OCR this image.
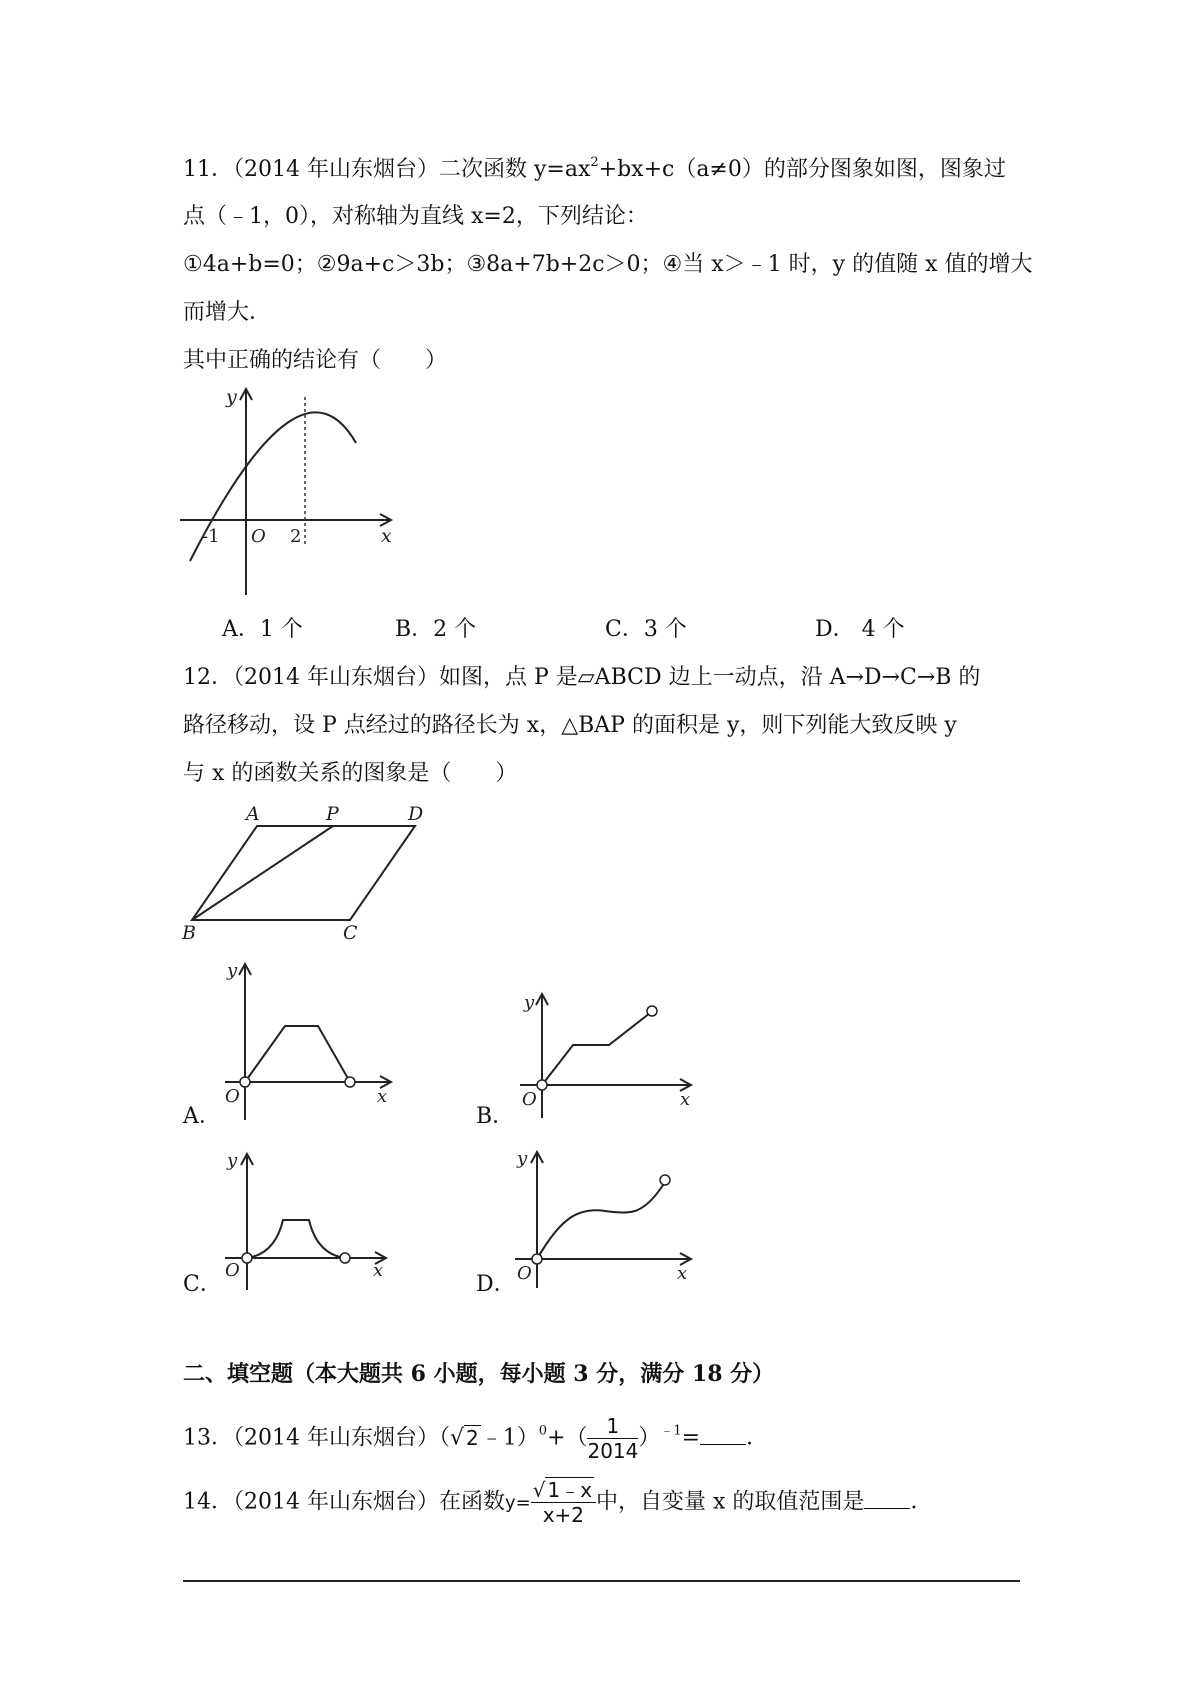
11．（2014 年山东烟台）二次函数 $y=ax^2+bx+c(a\ne 0)$的部分图象如图，图象过
点（﹣1，0），对称轴为直线 x=2，下列结论：
①4a+b=0；②9a+c＞3b；③8a+7b+2c＞0；④当 x＞﹣1 时，y 的值随 x 值的增大
而增大．
其中正确的结论有（　　）
y
x
-1 O 2
A．1 个	B．2 个	C．3 个	D． 4 个
12．（2014 年山东烟台）如图，点 P 是▱ABCD 边上一动点，沿 A→D→C→B 的
路径移动，设 P 点经过的路径长为 x，△BAP 的面积是 y，则下列能大致反映 y
与 x 的函数关系的图象是（　　）
A	P	D
B	C
A．
y
x
O
B．
y
x
O
C．
y
x
O
D．
y
x
O
二、填空题（本大题共 6 小题，每小题 3 分，满分 18 分）
13．（2014 年山东烟台）（√ 2﹣1）$^0$+（ $\frac{1}{2014} )^{﹣1}=$ ．
14．（2014 年山东烟台）在函数$y= \frac{√ 1﹣x}{x+2}$ 中，自变量 x 的取值范围是 ．
